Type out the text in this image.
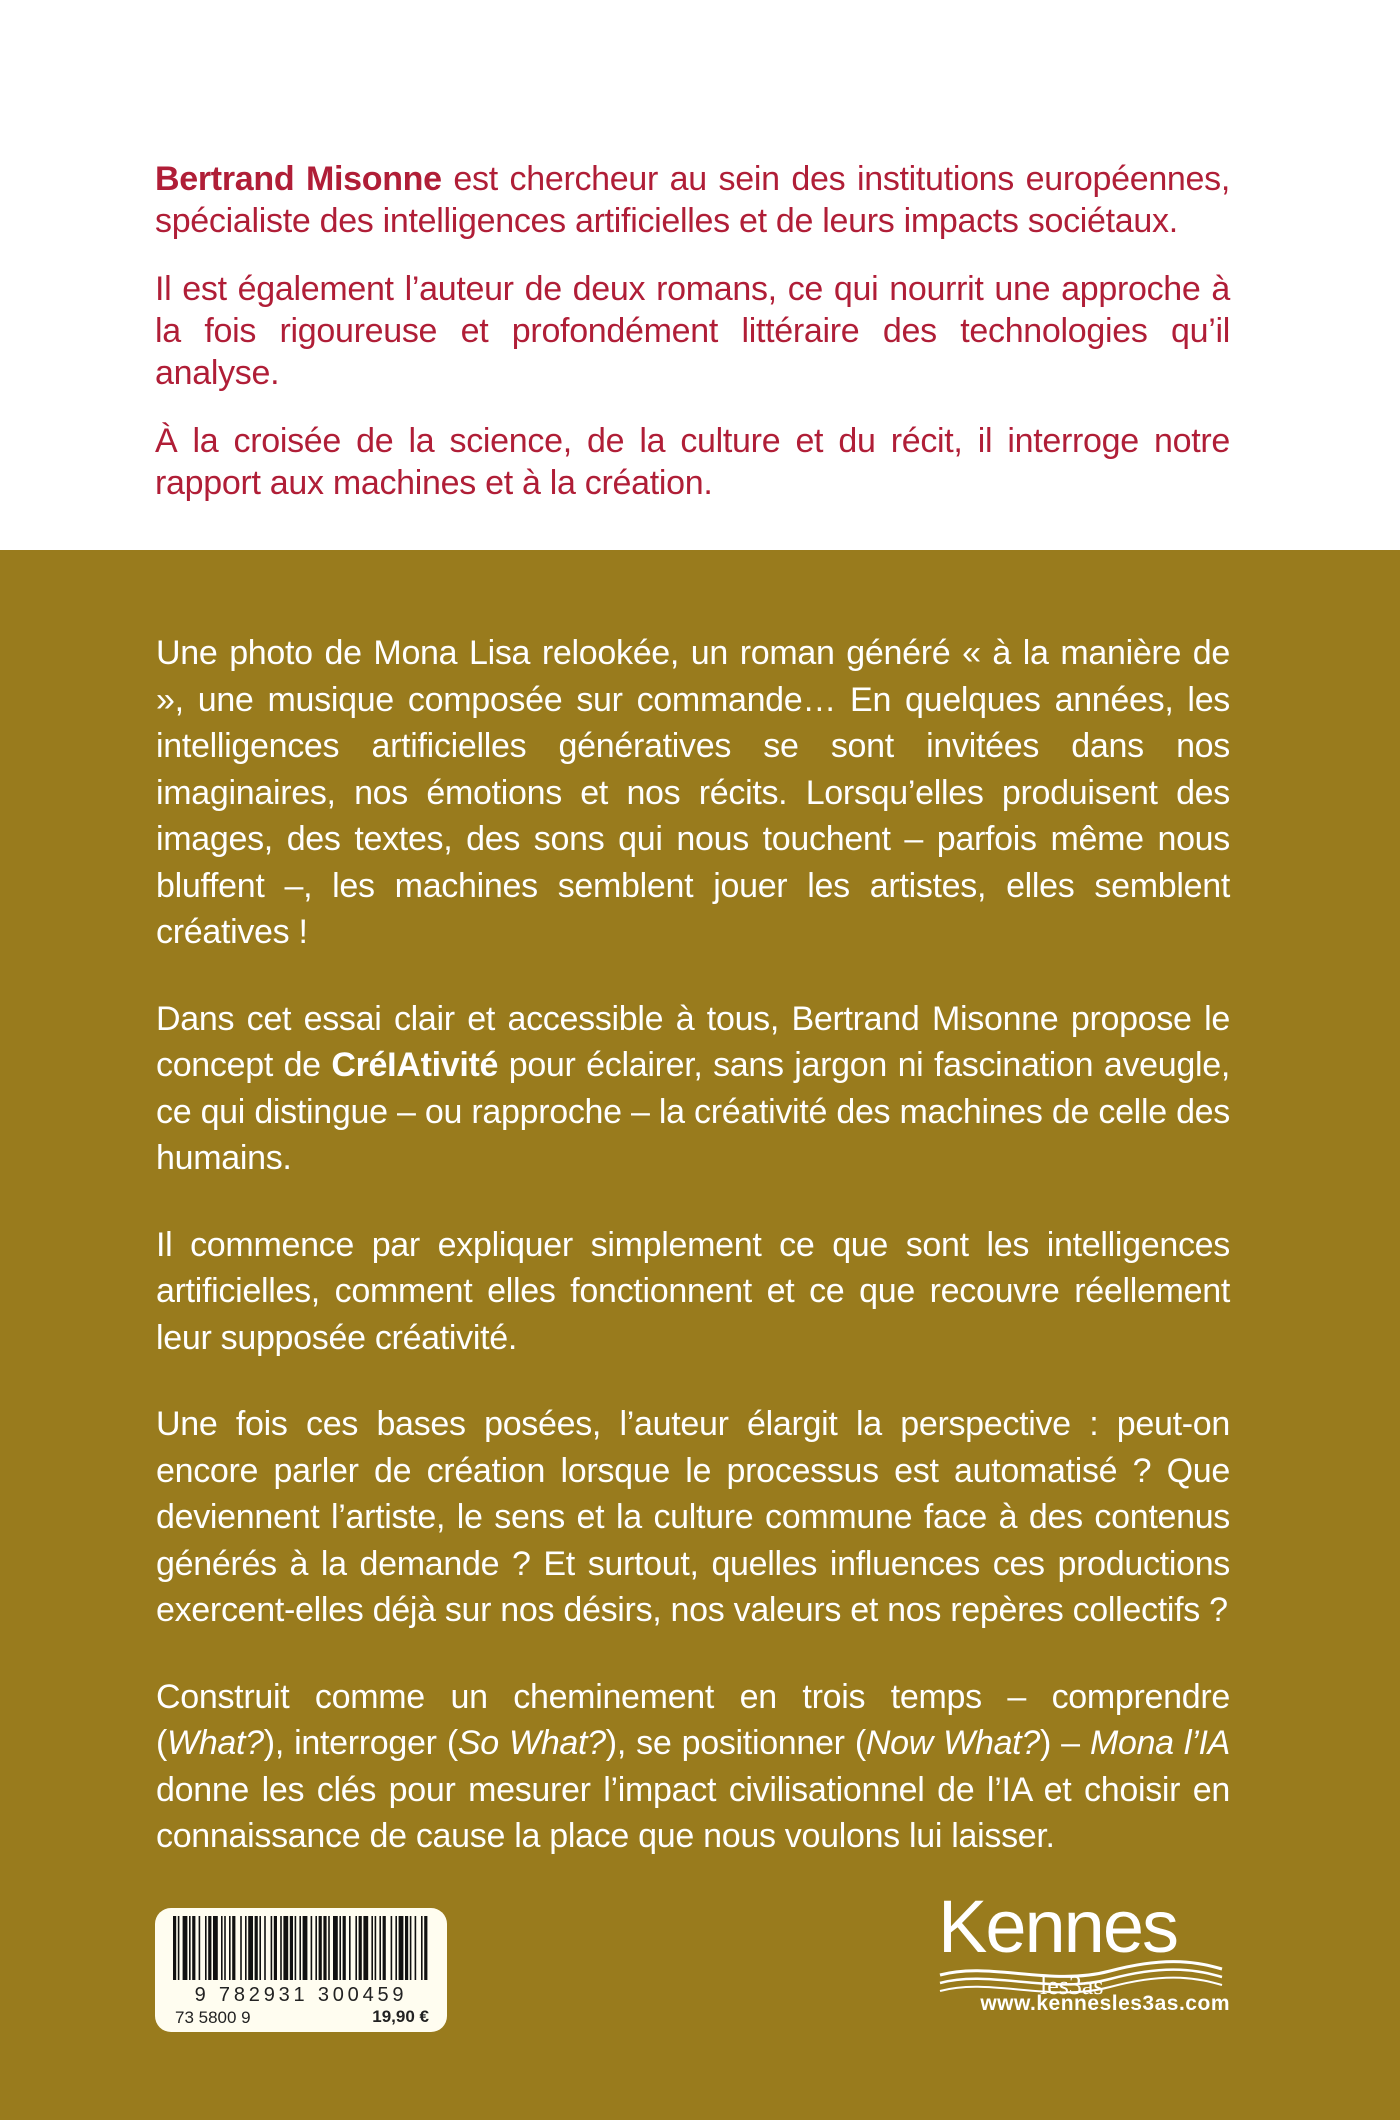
Bertrand Misonne est chercheur au sein des institutions européennes, spécialiste des intelligences artificielles et de leurs impacts sociétaux.

Il est également l’auteur de deux romans, ce qui nourrit une approche à la fois rigoureuse et profondément littéraire des technologies qu’il analyse.

À la croisée de la science, de la culture et du récit, il interroge notre rapport aux machines et à la création.

Une photo de Mona Lisa relookée, un roman généré « à la manière de », une musique composée sur commande… En quelques années, les intelligences artificielles génératives se sont invitées dans nos imaginaires, nos émotions et nos récits. Lorsqu’elles produisent des images, des textes, des sons qui nous touchent – parfois même nous bluffent –, les machines semblent jouer les artistes, elles semblent créatives !

Dans cet essai clair et accessible à tous, Bertrand Misonne propose le concept de CréIAtivité pour éclairer, sans jargon ni fascination aveugle, ce qui distingue – ou rapproche – la créativité des machines de celle des humains.

Il commence par expliquer simplement ce que sont les intelligences artificielles, comment elles fonctionnent et ce que recouvre réellement leur supposée créativité.

Une fois ces bases posées, l’auteur élargit la perspective : peut-on encore parler de création lorsque le processus est automatisé ? Que deviennent l’artiste, le sens et la culture commune face à des contenus générés à la demande ? Et surtout, quelles influences ces productions exercent-elles déjà sur nos désirs, nos valeurs et nos repères collectifs ?

Construit comme un cheminement en trois temps – comprendre (What?), interroger (So What?), se positionner (Now What?) – Mona l’IA donne les clés pour mesurer l’impact civilisationnel de l’IA et choisir en connaissance de cause la place que nous voulons lui laisser.

9 782931 300459
73 5800 9	19,90 €
Kennes
les3as
www.kennesles3as.com
